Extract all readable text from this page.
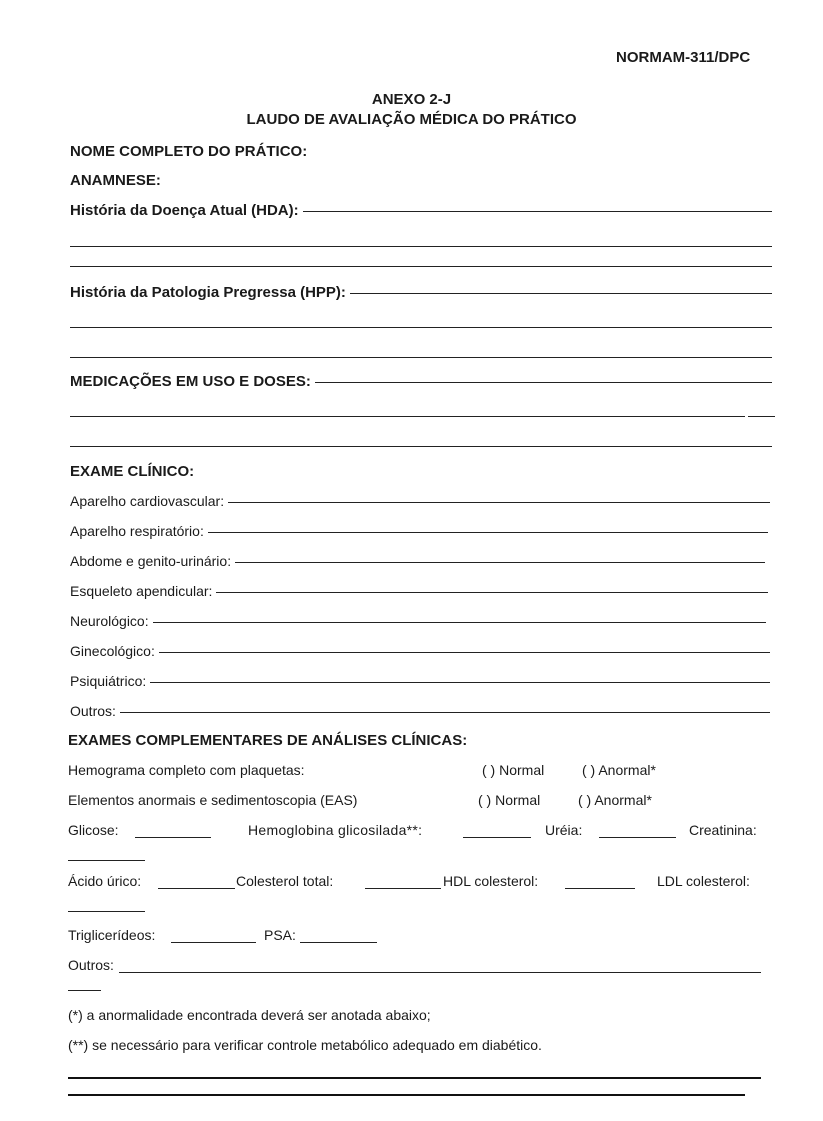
NORMAM-311/DPC
ANEXO 2-J
LAUDO DE AVALIAÇÃO MÉDICA DO PRÁTICO
NOME COMPLETO DO PRÁTICO:
ANAMNESE:
História da Doença Atual (HDA):
História da Patologia Pregressa (HPP):
MEDICAÇÕES EM USO E DOSES:
EXAME CLÍNICO:
Aparelho cardiovascular:
Aparelho respiratório:
Abdome e genito-urinário:
Esqueleto apendicular:
Neurológico:
Ginecológico:
Psiquiátrico:
Outros:
EXAMES COMPLEMENTARES DE ANÁLISES CLÍNICAS:
Hemograma completo com plaquetas:	( ) Normal	( ) Anormal*
Elementos anormais e sedimentoscopia (EAS)	( ) Normal	( ) Anormal*
Glicose:	Hemoglobina glicosilada**:	Uréia:	Creatinina:
Ácido úrico:	Colesterol total:	HDL colesterol:	LDL colesterol:
Triglicerídeos:	PSA:
Outros:
(*) a anormalidade encontrada deverá ser anotada abaixo;
(**) se necessário para verificar controle metabólico adequado em diabético.
